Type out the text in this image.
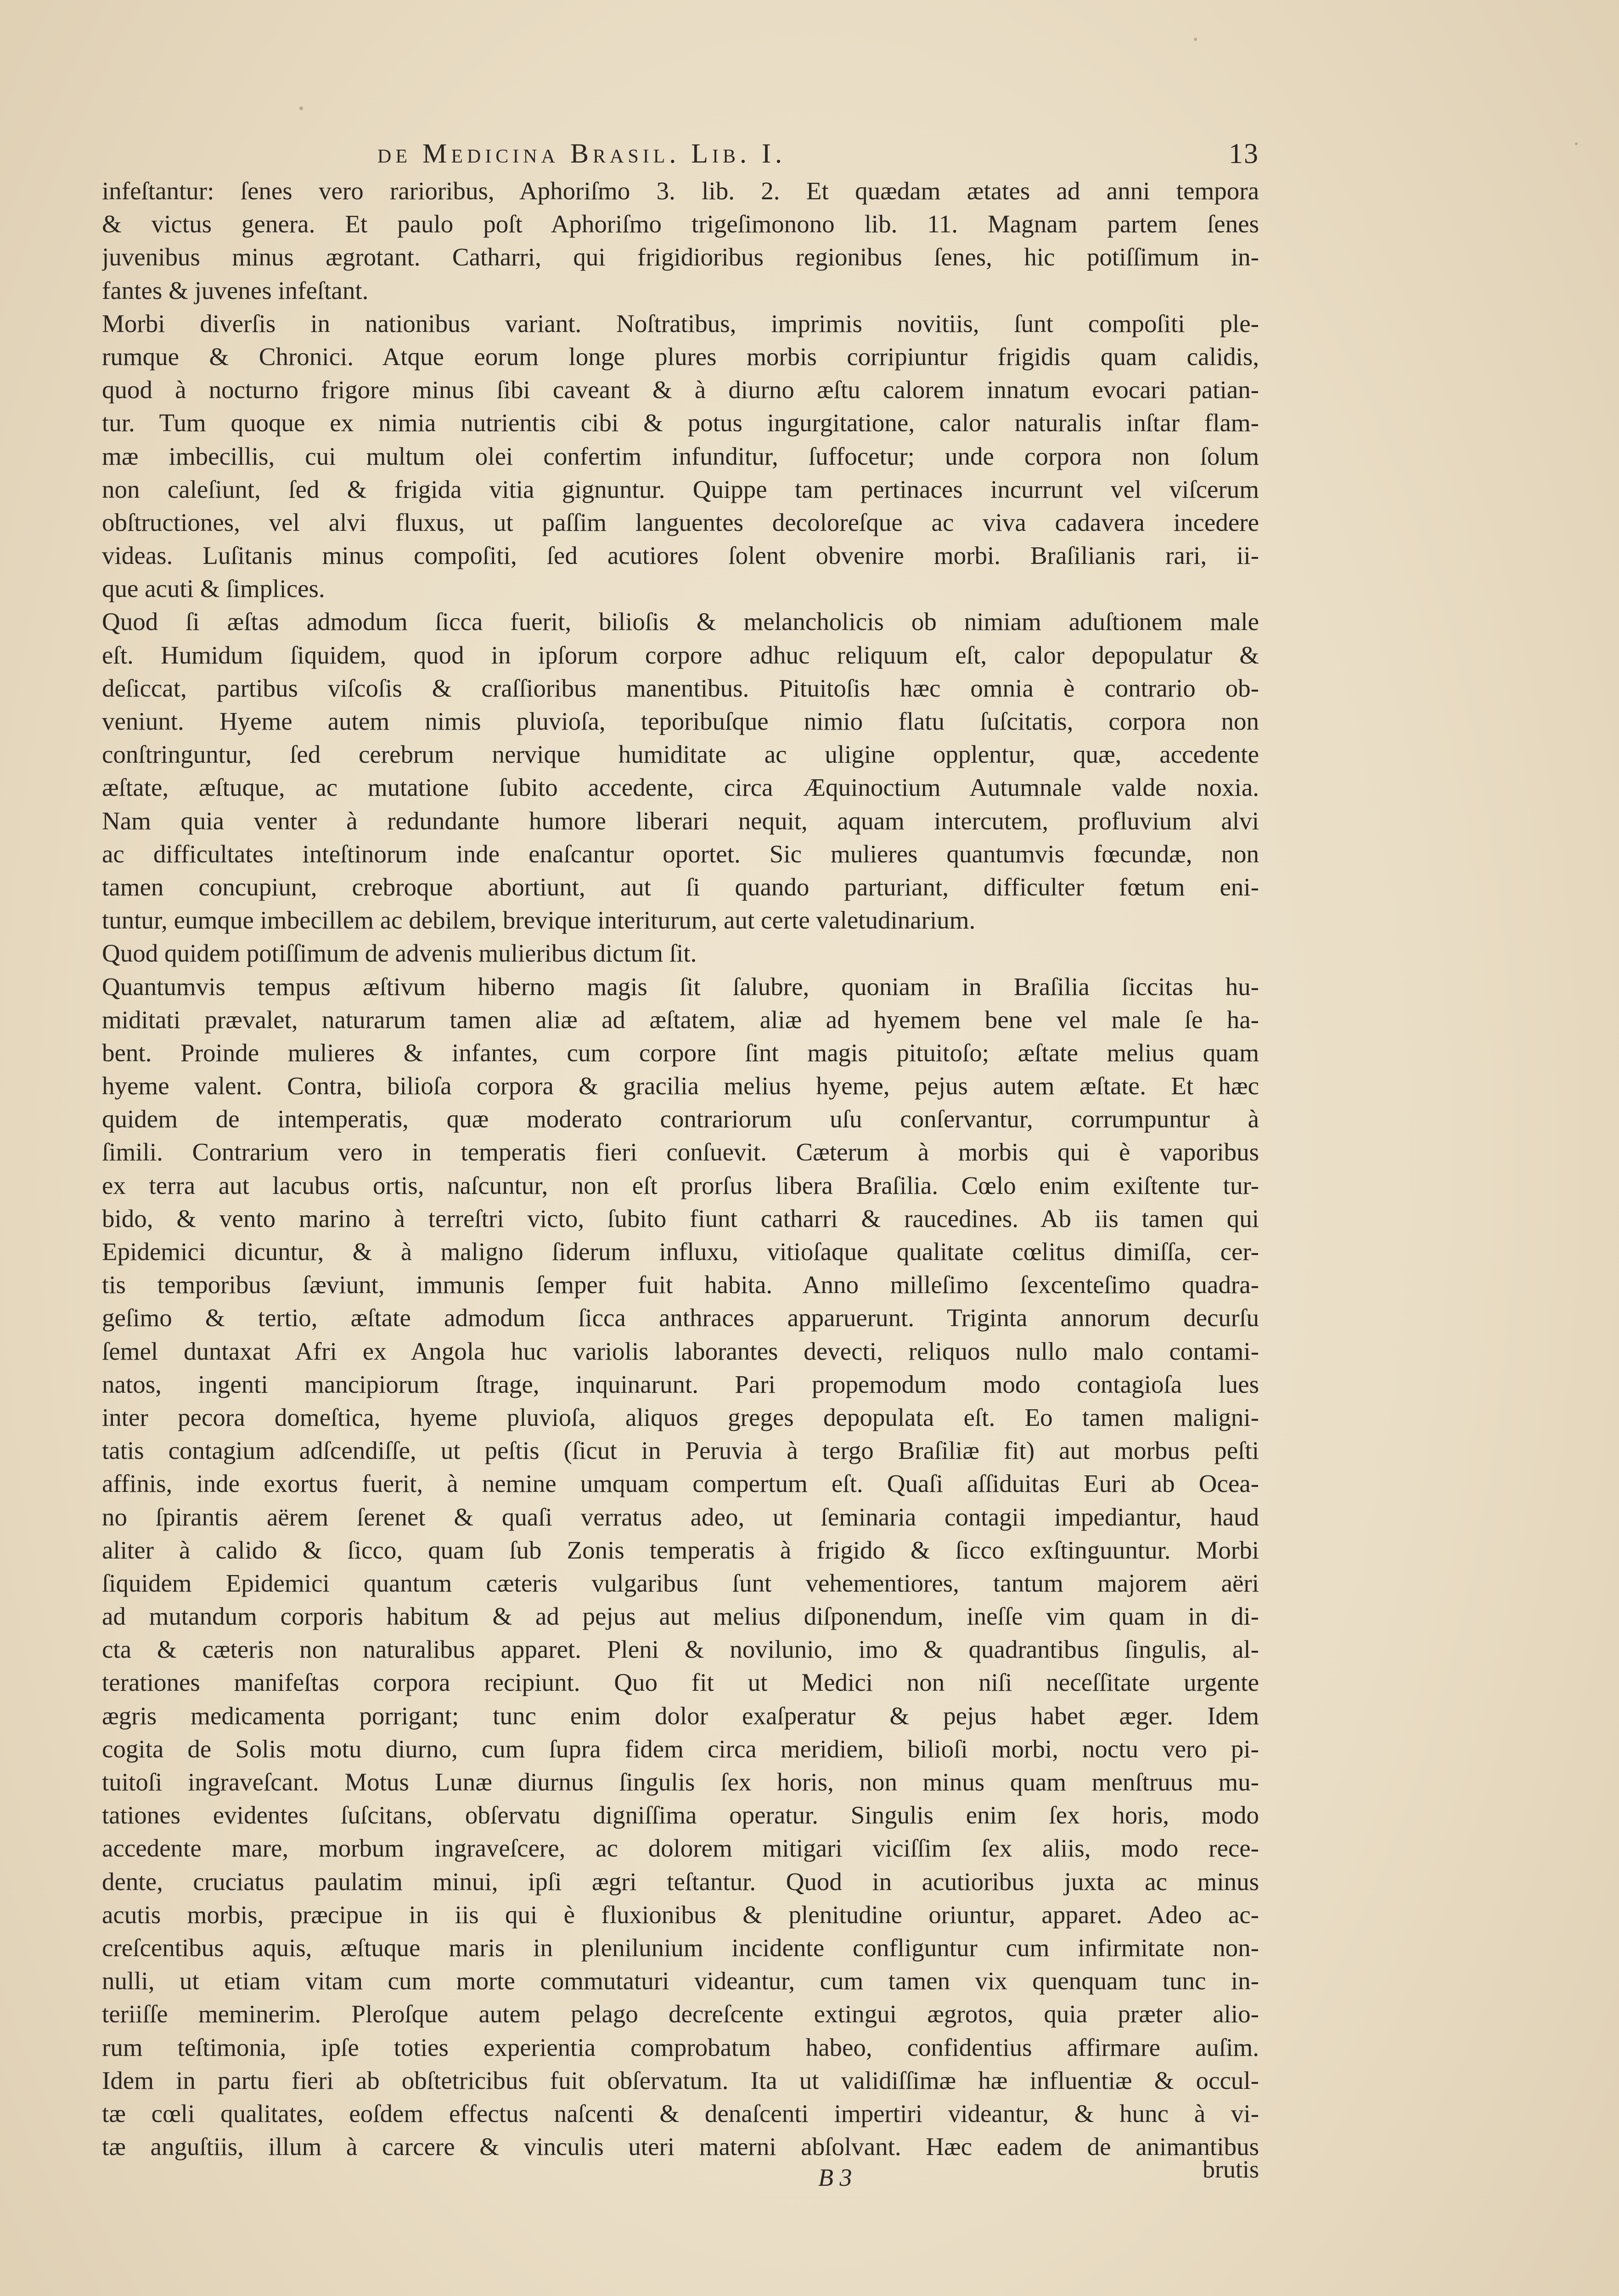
de Medicina Brasil. Lib. I.	13
infeſtantur: ſenes vero rarioribus, Aphoriſmo 3. lib. 2. Et quædam ætates ad anni tempora
& victus genera. Et paulo poſt Aphoriſmo trigeſimonono lib. 11. Magnam partem ſenes
juvenibus minus ægrotant. Catharri, qui frigidioribus regionibus ſenes, hic potiſſimum in-
fantes & juvenes infeſtant.
Morbi diverſis in nationibus variant. Noſtratibus, imprimis novitiis, ſunt compoſiti ple-
rumque & Chronici. Atque eorum longe plures morbis corripiuntur frigidis quam calidis,
quod à nocturno frigore minus ſibi caveant & à diurno æſtu calorem innatum evocari patian-
tur. Tum quoque ex nimia nutrientis cibi & potus ingurgitatione, calor naturalis inſtar flam-
mæ imbecillis, cui multum olei confertim infunditur, ſuffocetur; unde corpora non ſolum
non caleſiunt, ſed & frigida vitia gignuntur. Quippe tam pertinaces incurrunt vel viſcerum
obſtructiones, vel alvi fluxus, ut paſſim languentes decoloreſque ac viva cadavera incedere
videas. Luſitanis minus compoſiti, ſed acutiores ſolent obvenire morbi. Braſilianis rari, ii-
que acuti & ſimplices.
Quod ſi æſtas admodum ſicca fuerit, bilioſis & melancholicis ob nimiam aduſtionem male
eſt. Humidum ſiquidem, quod in ipſorum corpore adhuc reliquum eſt, calor depopulatur &
deſiccat, partibus viſcoſis & craſſioribus manentibus. Pituitoſis hæc omnia è contrario ob-
veniunt. Hyeme autem nimis pluvioſa, teporibuſque nimio flatu ſuſcitatis, corpora non
conſtringuntur, ſed cerebrum nervique humiditate ac uligine opplentur, quæ, accedente
æſtate, æſtuque, ac mutatione ſubito accedente, circa Æquinoctium Autumnale valde noxia.
Nam quia venter à redundante humore liberari nequit, aquam intercutem, profluvium alvi
ac difficultates inteſtinorum inde enaſcantur oportet. Sic mulieres quantumvis fœcundæ, non
tamen concupiunt, crebroque abortiunt, aut ſi quando parturiant, difficulter fœtum eni-
tuntur, eumque imbecillem ac debilem, brevique interiturum, aut certe valetudinarium.
Quod quidem potiſſimum de advenis mulieribus dictum ſit.
Quantumvis tempus æſtivum hiberno magis ſit ſalubre, quoniam in Braſilia ſiccitas hu-
miditati prævalet, naturarum tamen aliæ ad æſtatem, aliæ ad hyemem bene vel male ſe ha-
bent. Proinde mulieres & infantes, cum corpore ſint magis pituitoſo; æſtate melius quam
hyeme valent. Contra, bilioſa corpora & gracilia melius hyeme, pejus autem æſtate. Et hæc
quidem de intemperatis, quæ moderato contrariorum uſu conſervantur, corrumpuntur à
ſimili. Contrarium vero in temperatis fieri conſuevit. Cæterum à morbis qui è vaporibus
ex terra aut lacubus ortis, naſcuntur, non eſt prorſus libera Braſilia. Cœlo enim exiſtente tur-
bido, & vento marino à terreſtri victo, ſubito fiunt catharri & raucedines. Ab iis tamen qui
Epidemici dicuntur, & à maligno ſiderum influxu, vitioſaque qualitate cœlitus dimiſſa, cer-
tis temporibus ſæviunt, immunis ſemper fuit habita. Anno milleſimo ſexcenteſimo quadra-
geſimo & tertio, æſtate admodum ſicca anthraces apparuerunt. Triginta annorum decurſu
ſemel duntaxat Afri ex Angola huc variolis laborantes devecti, reliquos nullo malo contami-
natos, ingenti mancipiorum ſtrage, inquinarunt. Pari propemodum modo contagioſa lues
inter pecora domeſtica, hyeme pluvioſa, aliquos greges depopulata eſt. Eo tamen maligni-
tatis contagium adſcendiſſe, ut peſtis (ſicut in Peruvia à tergo Braſiliæ fit) aut morbus peſti
affinis, inde exortus fuerit, à nemine umquam compertum eſt. Quaſi aſſiduitas Euri ab Ocea-
no ſpirantis aërem ſerenet & quaſi verratus adeo, ut ſeminaria contagii impediantur, haud
aliter à calido & ſicco, quam ſub Zonis temperatis à frigido & ſicco exſtinguuntur. Morbi
ſiquidem Epidemici quantum cæteris vulgaribus ſunt vehementiores, tantum majorem aëri
ad mutandum corporis habitum & ad pejus aut melius diſponendum, ineſſe vim quam in di-
cta & cæteris non naturalibus apparet. Pleni & novilunio, imo & quadrantibus ſingulis, al-
terationes manifeſtas corpora recipiunt. Quo fit ut Medici non niſi neceſſitate urgente
ægris medicamenta porrigant; tunc enim dolor exaſperatur & pejus habet æger. Idem
cogita de Solis motu diurno, cum ſupra fidem circa meridiem, bilioſi morbi, noctu vero pi-
tuitoſi ingraveſcant. Motus Lunæ diurnus ſingulis ſex horis, non minus quam menſtruus mu-
tationes evidentes ſuſcitans, obſervatu digniſſima operatur. Singulis enim ſex horis, modo
accedente mare, morbum ingraveſcere, ac dolorem mitigari viciſſim ſex aliis, modo rece-
dente, cruciatus paulatim minui, ipſi ægri teſtantur. Quod in acutioribus juxta ac minus
acutis morbis, præcipue in iis qui è fluxionibus & plenitudine oriuntur, apparet. Adeo ac-
creſcentibus aquis, æſtuque maris in plenilunium incidente confliguntur cum infirmitate non-
nulli, ut etiam vitam cum morte commutaturi videantur, cum tamen vix quenquam tunc in-
teriiſſe meminerim. Pleroſque autem pelago decreſcente extingui ægrotos, quia præter alio-
rum teſtimonia, ipſe toties experientia comprobatum habeo, confidentius affirmare auſim.
Idem in partu fieri ab obſtetricibus fuit obſervatum. Ita ut validiſſimæ hæ influentiæ & occul-
tæ cœli qualitates, eoſdem effectus naſcenti & denaſcenti impertiri videantur, & hunc à vi-
tæ anguſtiis, illum à carcere & vinculis uteri materni abſolvant. Hæc eadem de animantibus
B 3	brutis
